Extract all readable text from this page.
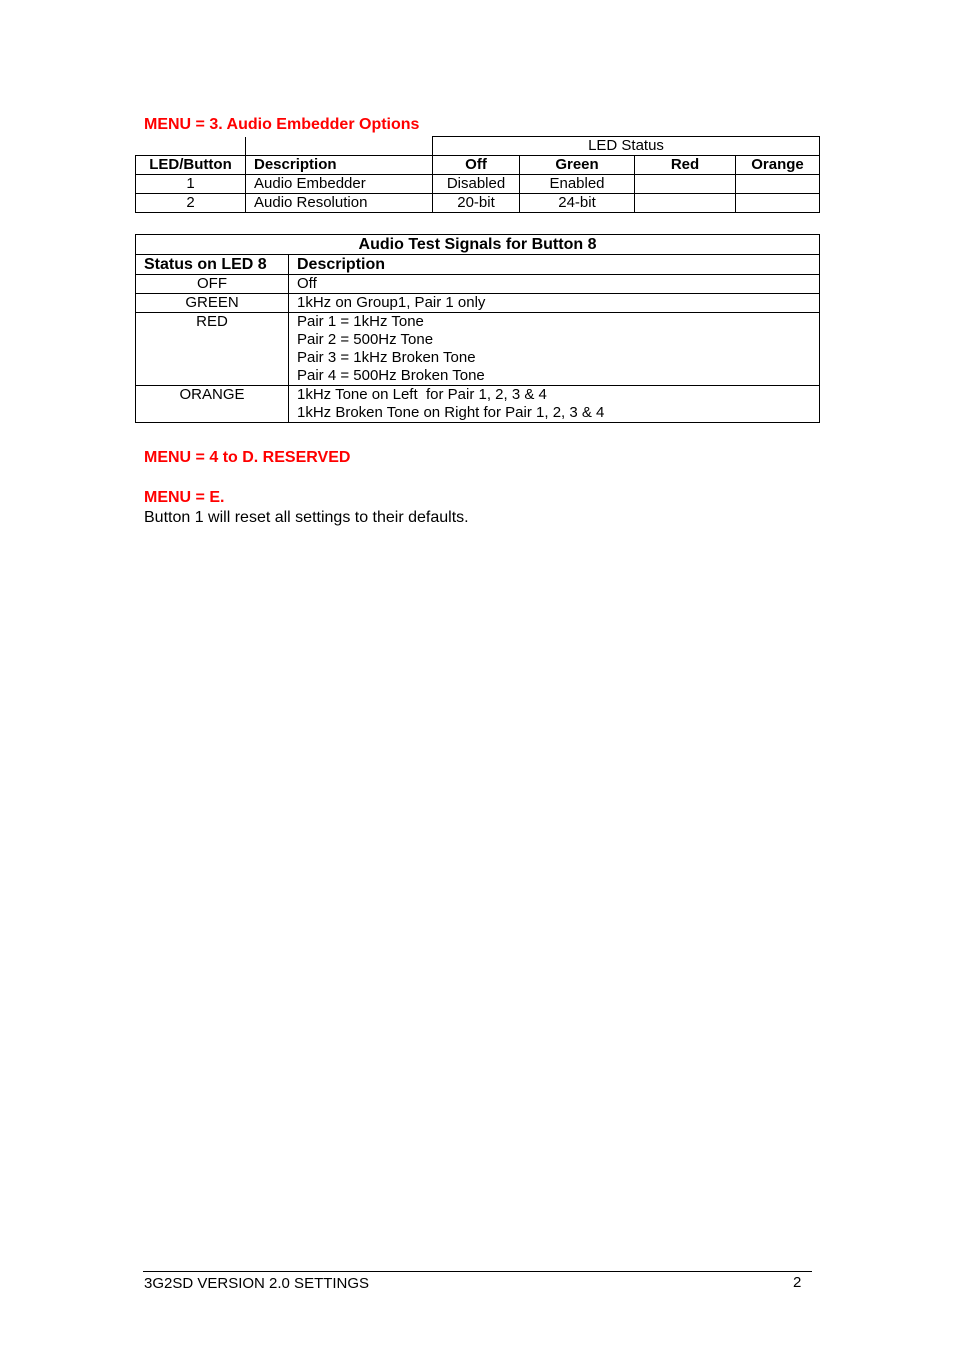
MENU = 3. Audio Embedder Options
		LED Status			
LED/Button	Description	Off	Green	Red	Orange
1	Audio Embedder	Disabled	Enabled		
2	Audio Resolution	20-bit	24-bit		
Audio Test Signals for Button 8	
Status on LED 8	Description
OFF	Off

GREEN	1kHz on Group1, Pair 1 only

RED	Pair 1 = 1kHz Tone
Pair 2 = 500Hz Tone
Pair 3 = 1kHz Broken Tone
Pair 4 = 500Hz Broken Tone

ORANGE	1kHz Tone on Left  for Pair 1, 2, 3 & 4
1kHz Broken Tone on Right for Pair 1, 2, 3 & 4
MENU = 4 to D. RESERVED
MENU = E.
Button 1 will reset all settings to their defaults.
3G2SD VERSION 2.0 SETTINGS	2
